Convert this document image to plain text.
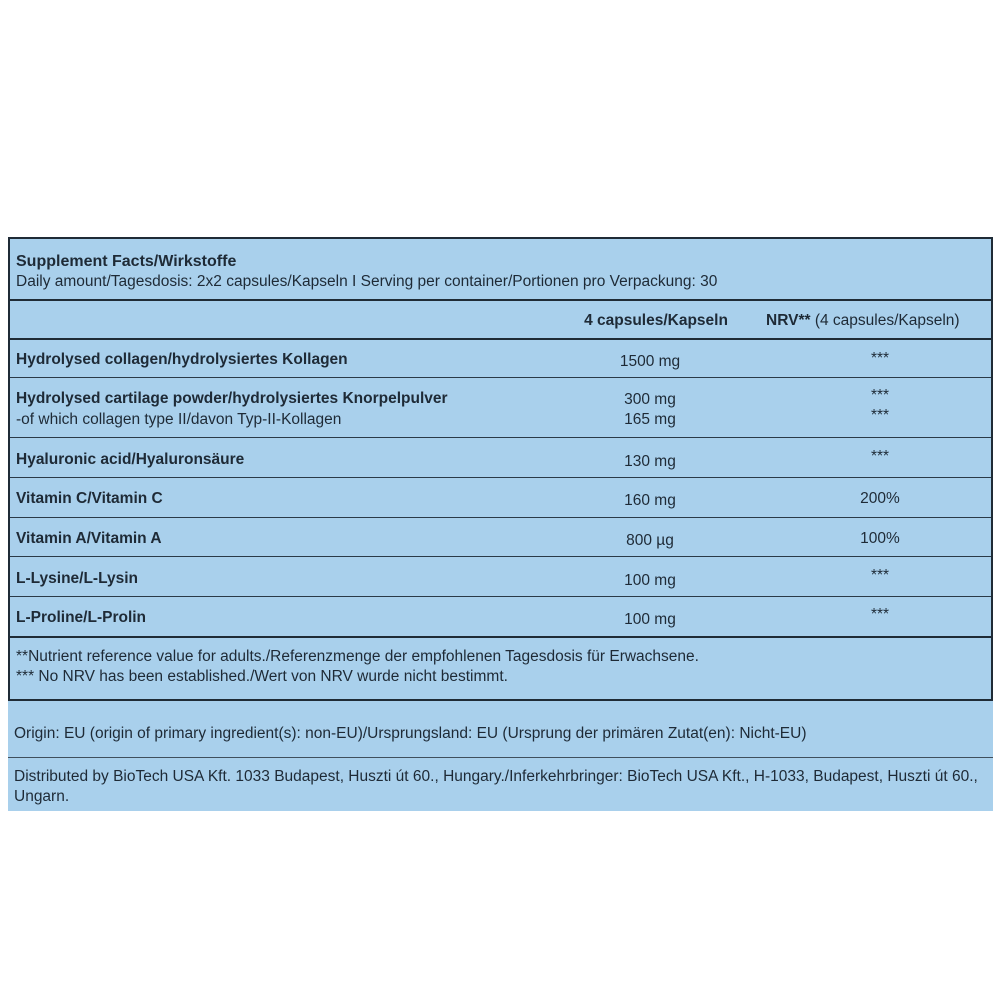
Supplement Facts/Wirkstoffe
Daily amount/Tagesdosis: 2x2 capsules/Kapseln I Serving per container/Portionen pro Verpackung: 30
4 capsules/Kapseln	NRV** (4 capsules/Kapseln)
Hydrolysed collagen/hydrolysiertes Kollagen	1500 mg	***
Hydrolysed cartilage powder/hydrolysiertes Knorpelpulver	300 mg	***
-of which collagen type II/davon Typ-II-Kollagen	165 mg	***
Hyaluronic acid/Hyaluronsäure	130 mg	***
Vitamin C/Vitamin C	160 mg	200%
Vitamin A/Vitamin A	800 µg	100%
L-Lysine/L-Lysin	100 mg	***
L-Proline/L-Prolin	100 mg	***
**Nutrient reference value for adults./Referenzmenge der empfohlenen Tagesdosis für Erwachsene.
*** No NRV has been established./Wert von NRV wurde nicht bestimmt.
Origin: EU (origin of primary ingredient(s): non-EU)/Ursprungsland: EU (Ursprung der primären Zutat(en): Nicht-EU)
Distributed by BioTech USA Kft. 1033 Budapest, Huszti út 60., Hungary./Inferkehrbringer: BioTech USA Kft., H-1033, Budapest, Huszti út 60., Ungarn.
